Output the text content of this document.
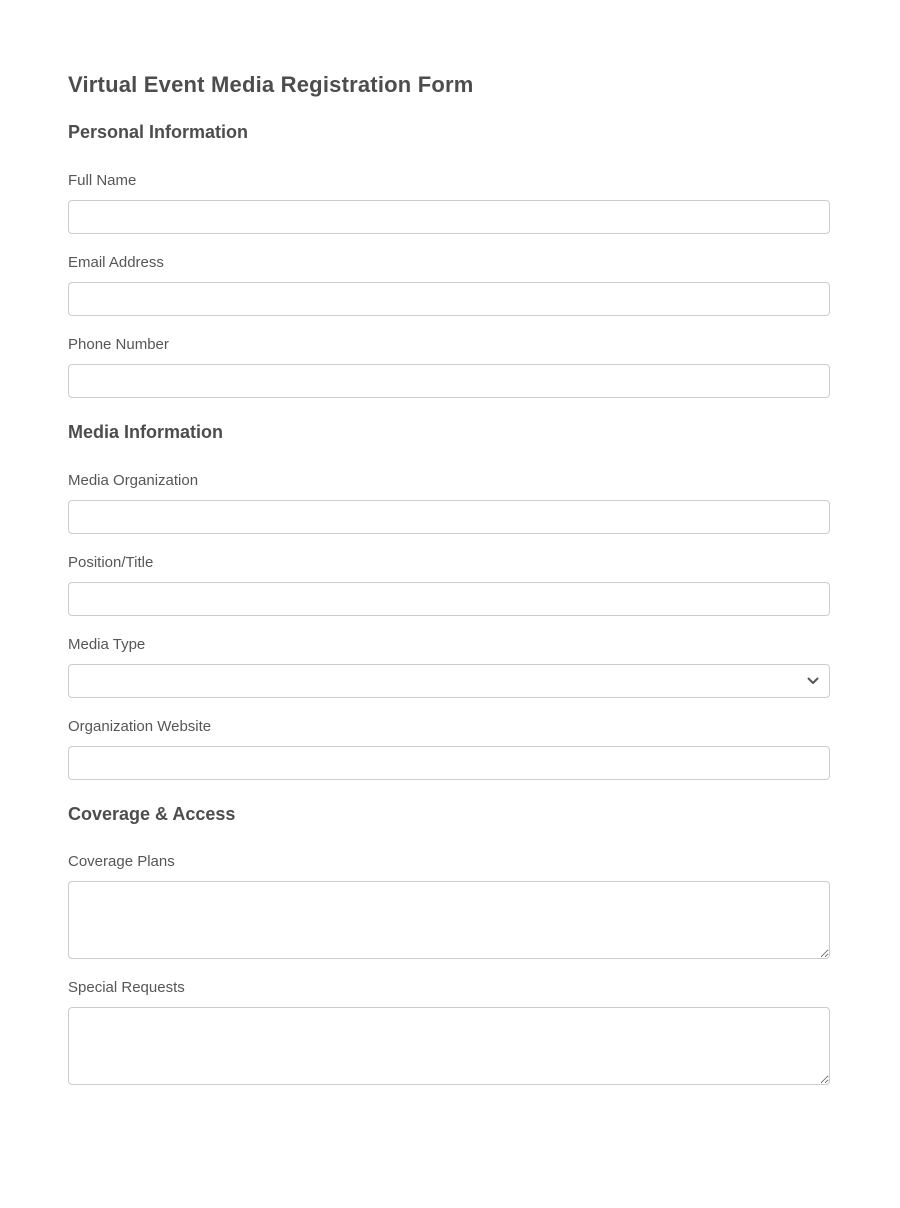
Virtual Event Media Registration Form
Personal Information
Full Name
Email Address
Phone Number
Media Information
Media Organization
Position/Title
Media Type
Organization Website
Coverage & Access
Coverage Plans
Special Requests
